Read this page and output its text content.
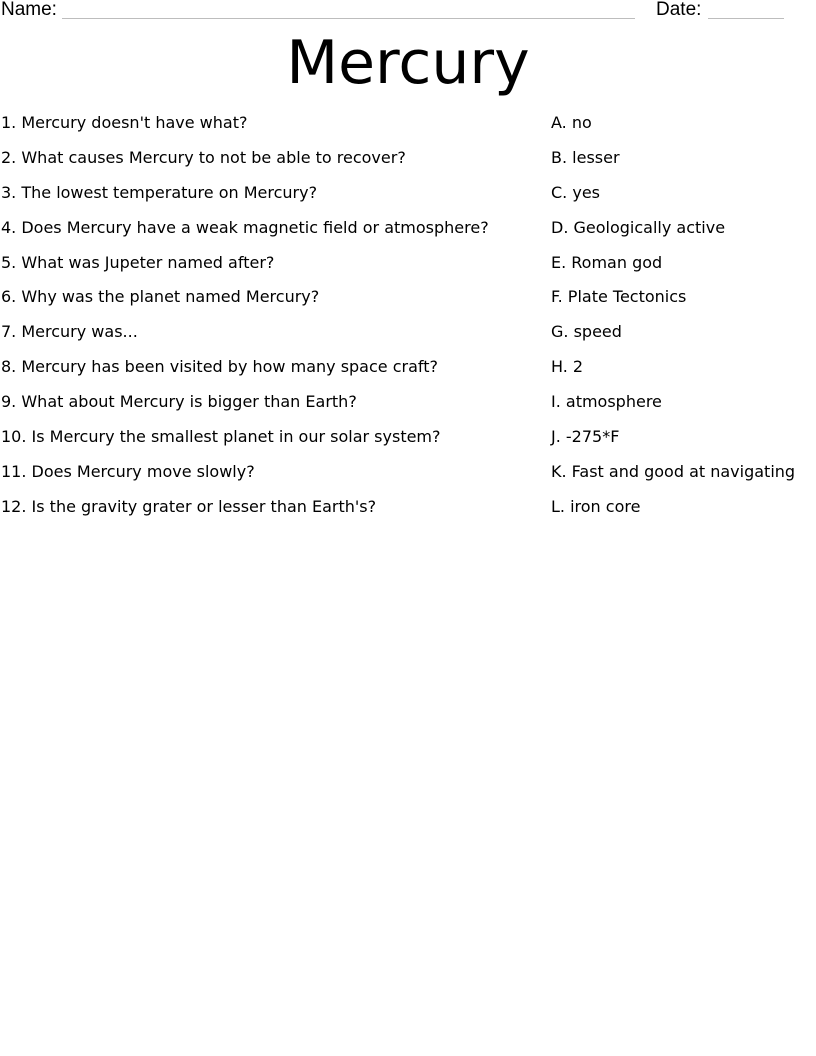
Name:	Date:
Mercury
1. Mercury doesn't have what?	A. no
2. What causes Mercury to not be able to recover?	B. lesser
3. The lowest temperature on Mercury?	C. yes
4. Does Mercury have a weak magnetic field or atmosphere?	D. Geologically active
5. What was Jupeter named after?	E. Roman god
6. Why was the planet named Mercury?	F. Plate Tectonics
7. Mercury was...	G. speed
8. Mercury has been visited by how many space craft?	H. 2
9. What about Mercury is bigger than Earth?	I. atmosphere
10. Is Mercury the smallest planet in our solar system?	J. -275*F
11. Does Mercury move slowly?	K. Fast and good at navigating
12. Is the gravity grater or lesser than Earth's?	L. iron core
